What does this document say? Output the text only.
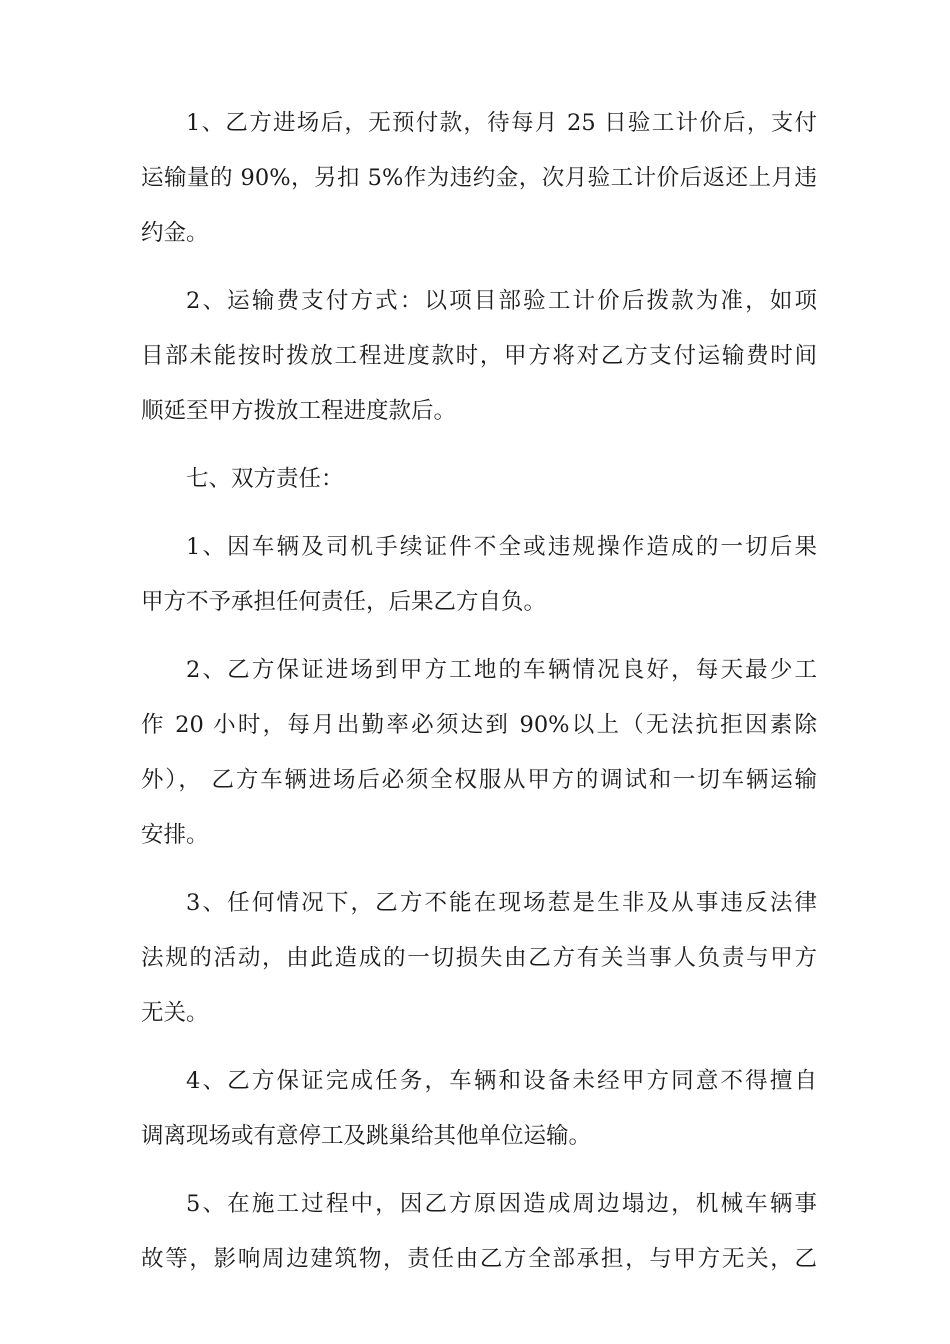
1、乙方进场后，无预付款，待每月 25 日验工计价后，支付
运输量的 90%，另扣 5%作为违约金，次月验工计价后返还上月违
约金。
2、运输费支付方式：以项目部验工计价后拨款为准，如项
目部未能按时拨放工程进度款时，甲方将对乙方支付运输费时间
顺延至甲方拨放工程进度款后。
七、双方责任：
1、因车辆及司机手续证件不全或违规操作造成的一切后果
甲方不予承担任何责任，后果乙方自负。
2、乙方保证进场到甲方工地的车辆情况良好，每天最少工
作 20 小时，每月出勤率必须达到 90%以上（无法抗拒因素除
外）， 乙方车辆进场后必须全权服从甲方的调试和一切车辆运输
安排。
3、任何情况下，乙方不能在现场惹是生非及从事违反法律
法规的活动，由此造成的一切损失由乙方有关当事人负责与甲方
无关。
4、乙方保证完成任务，车辆和设备未经甲方同意不得擅自
调离现场或有意停工及跳巢给其他单位运输。
5、在施工过程中，因乙方原因造成周边塌边，机械车辆事
故等，影响周边建筑物，责任由乙方全部承担，与甲方无关，乙
